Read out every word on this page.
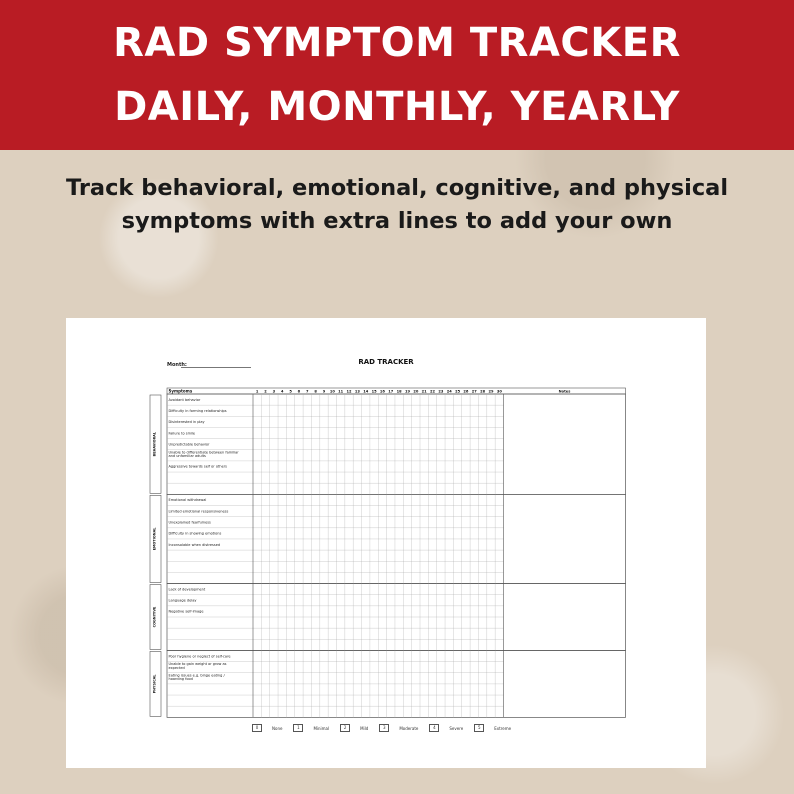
RAD SYMPTOM TRACKER
DAILY, MONTHLY, YEARLY
Track behavioral, emotional, cognitive, and physical symptoms with extra lines to add your own
Month:	RAD TRACKER
Symptoms	1 2 3 4 5 6 7 8 9 10 11 12 13 14 15 16 17 18 19 20 21 22 23 24 25 26 27 28 29 30	Notes
BEHAVIORAL
Avoidant behavior
Difficulty in forming relationships
Disinterested in play
Failure to smile
Unpredictable behavior
Unable to differentiate between familiar and unfamiliar adults
Aggressive towards self or others
EMOTIONAL
Emotional withdrawal
Limited emotional responsiveness
Unexplained fearfulness
Difficulty in showing emotions
Inconsolable when distressed
COGNITIVE
Lack of development
Language delay
Negative self-image
PHYSICAL
Poor hygiene or neglect of self-care
Unable to gain weight or grow as expected
Eating issues e.g. binge eating / hoarding food
0	None	1	Minimal	2	Mild	3	Moderate	4	Severe	5	Extreme
